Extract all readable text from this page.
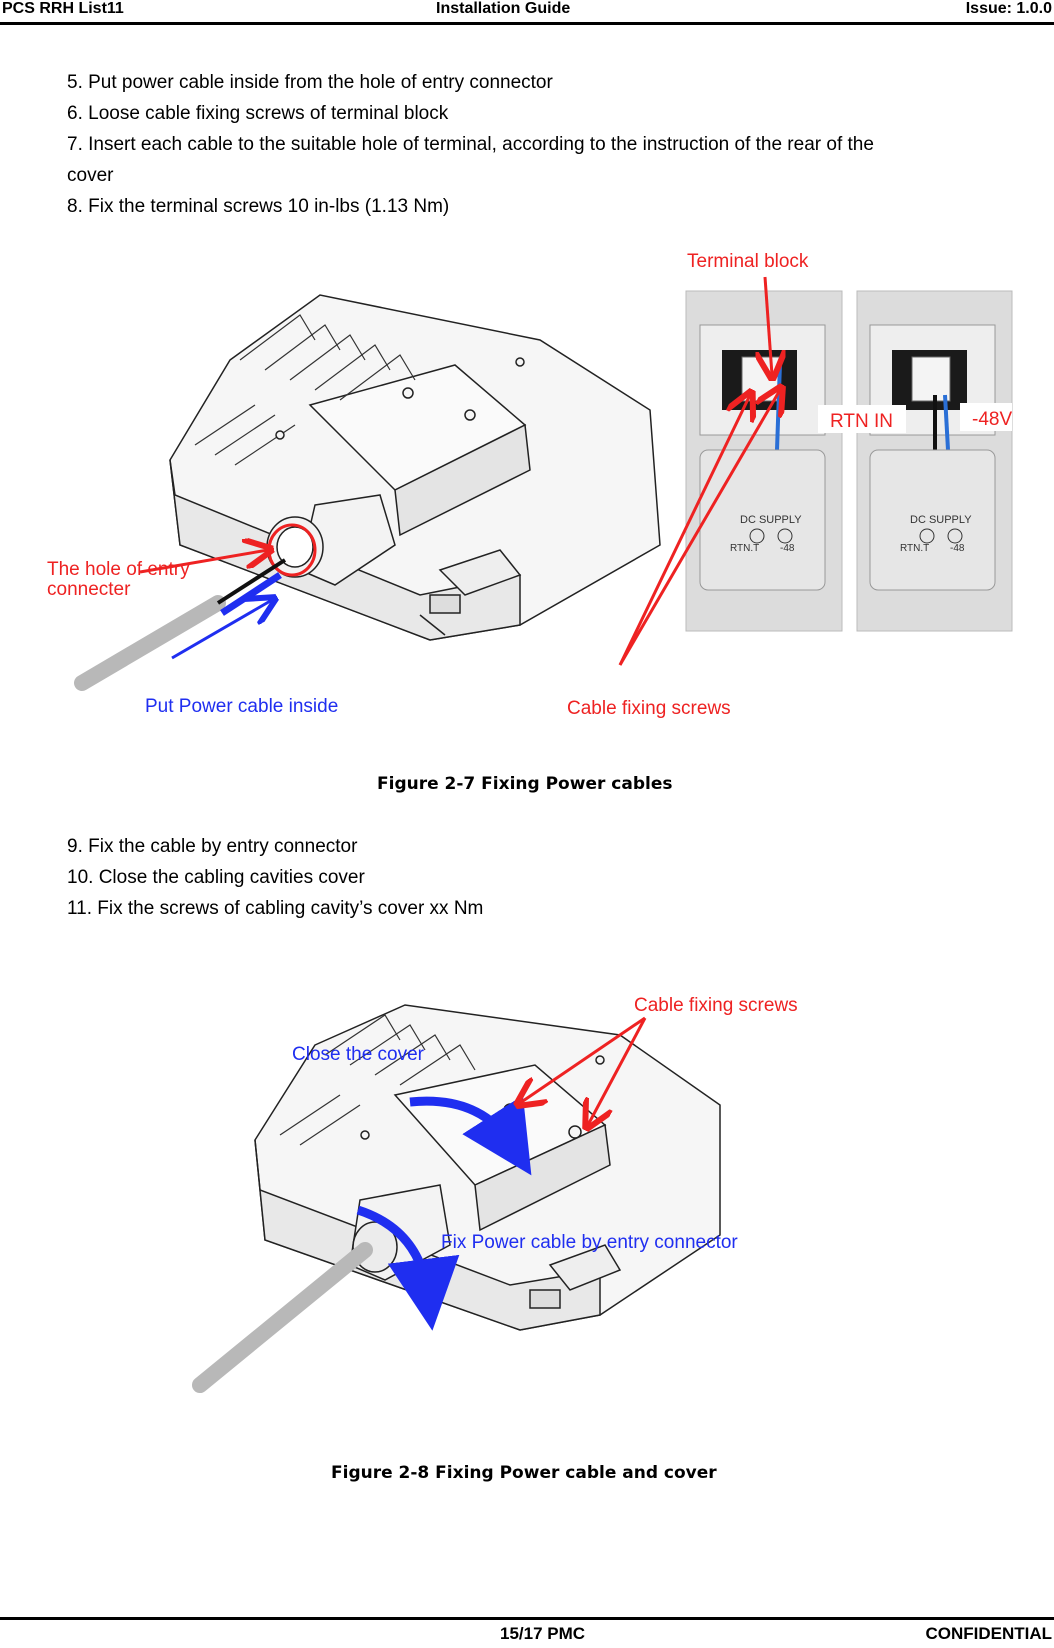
PCS RRH List11	Installation Guide	Issue: 1.0.0
5. Put power cable inside from the hole of entry connector
6. Loose cable fixing screws of terminal block
7. Insert each cable to the suitable hole of terminal, according to the instruction of the rear of the
cover
8. Fix the terminal screws 10 in-lbs (1.13 Nm)
DC SUPPLY
RTN.T -48
DC SUPPLY
RTN.T -48
RTN IN	-48V
Terminal block
The hole of entry
connecter
Put Power cable inside	Cable fixing screws
Figure 2-7 Fixing Power cables
9. Fix the cable by entry connector
10. Close the cabling cavities cover
11. Fix the screws of cabling cavity’s cover xx Nm
Cable fixing screws
Close the cover
Fix Power cable by entry connector
Figure 2-8 Fixing Power cable and cover
15/17 PMC	CONFIDENTIAL
